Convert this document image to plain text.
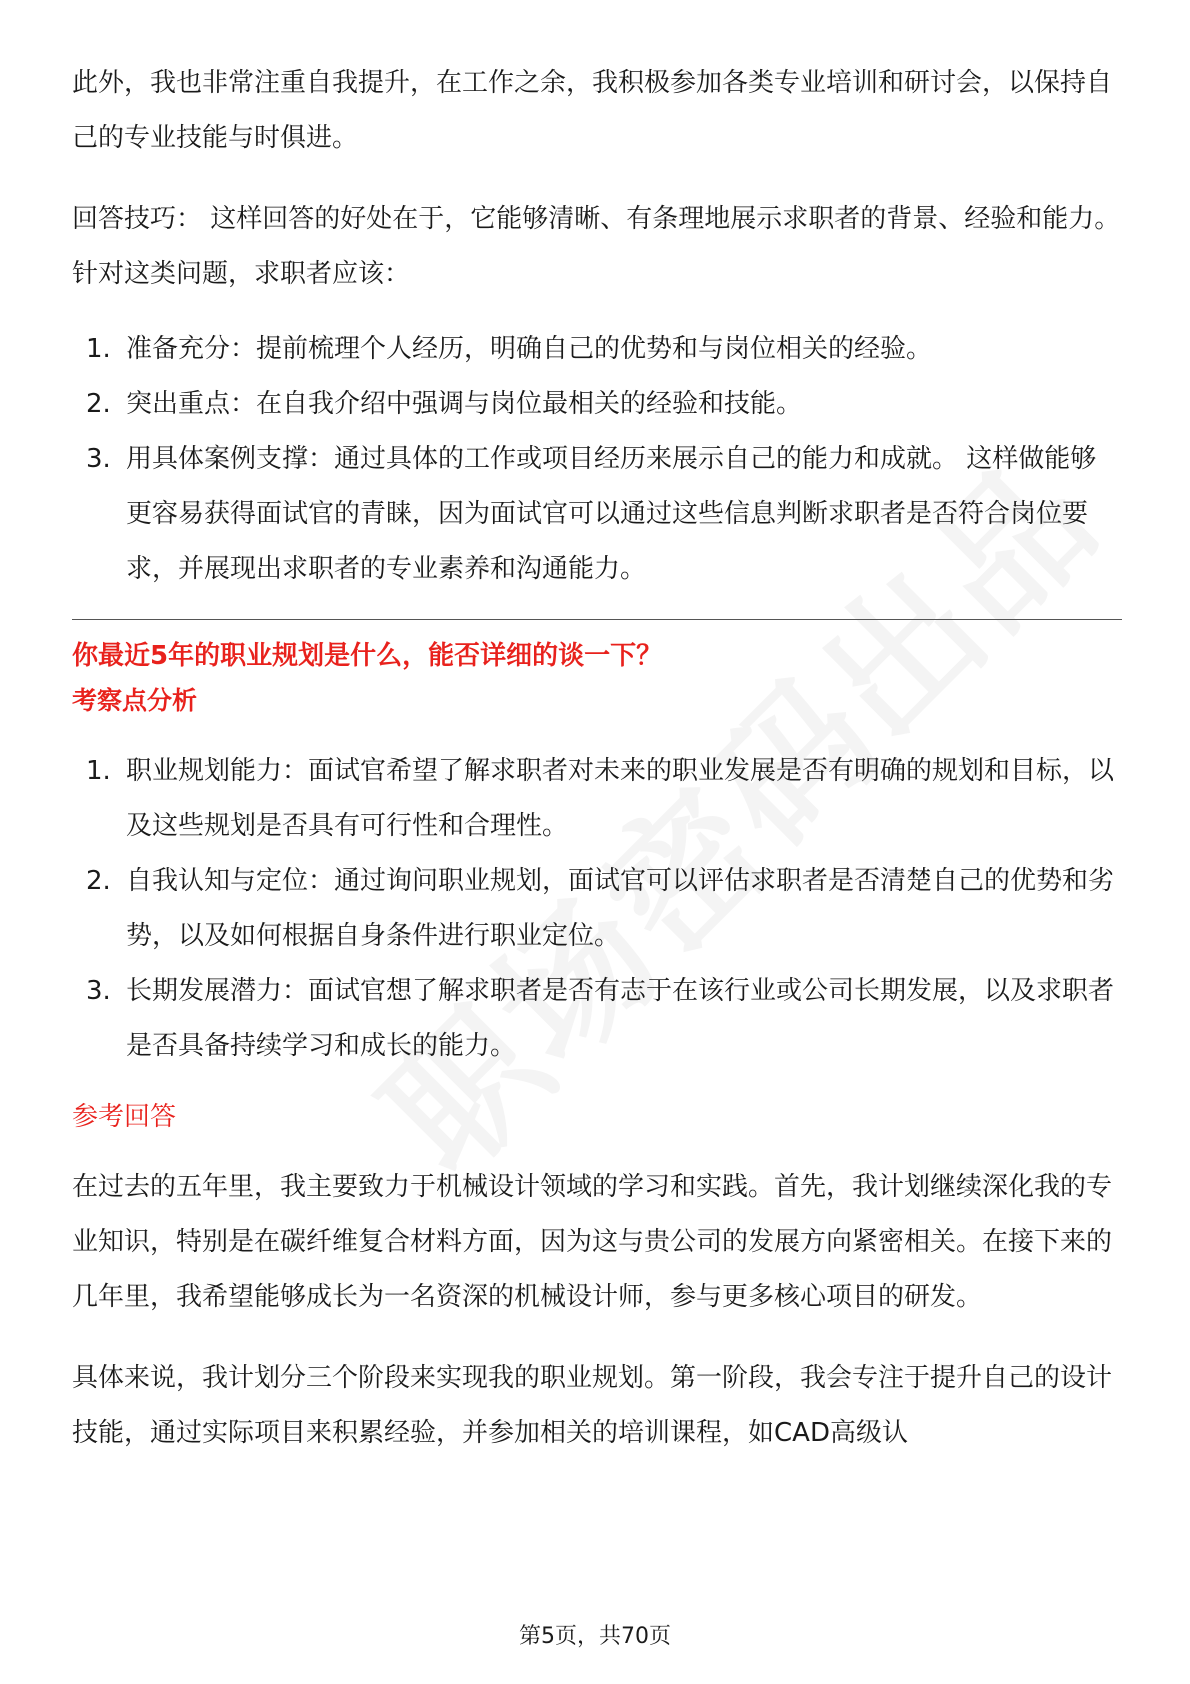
此外，我也非常注重自我提升，在工作之余，我积极参加各类专业培训和研讨会，以保持自己的专业技能与时俱进。

回答技巧： 这样回答的好处在于，它能够清晰、有条理地展示求职者的背景、经验和能力。针对这类问题，求职者应该：

1. 准备充分：提前梳理个人经历，明确自己的优势和与岗位相关的经验。
2. 突出重点：在自我介绍中强调与岗位最相关的经验和技能。
3. 用具体案例支撑：通过具体的工作或项目经历来展示自己的能力和成就。 这样做能够更容易获得面试官的青睐，因为面试官可以通过这些信息判断求职者是否符合岗位要求，并展现出求职者的专业素养和沟通能力。

你最近5年的职业规划是什么，能否详细的谈一下？

考察点分析

1. 职业规划能力：面试官希望了解求职者对未来的职业发展是否有明确的规划和目标，以及这些规划是否具有可行性和合理性。
2. 自我认知与定位：通过询问职业规划，面试官可以评估求职者是否清楚自己的优势和劣势，以及如何根据自身条件进行职业定位。
3. 长期发展潜力：面试官想了解求职者是否有志于在该行业或公司长期发展，以及求职者是否具备持续学习和成长的能力。

参考回答

在过去的五年里，我主要致力于机械设计领域的学习和实践。首先，我计划继续深化我的专业知识，特别是在碳纤维复合材料方面，因为这与贵公司的发展方向紧密相关。在接下来的几年里，我希望能够成长为一名资深的机械设计师，参与更多核心项目的研发。

具体来说，我计划分三个阶段来实现我的职业规划。第一阶段，我会专注于提升自己的设计技能，通过实际项目来积累经验，并参加相关的培训课程，如CAD高级认

第5页，共70页
